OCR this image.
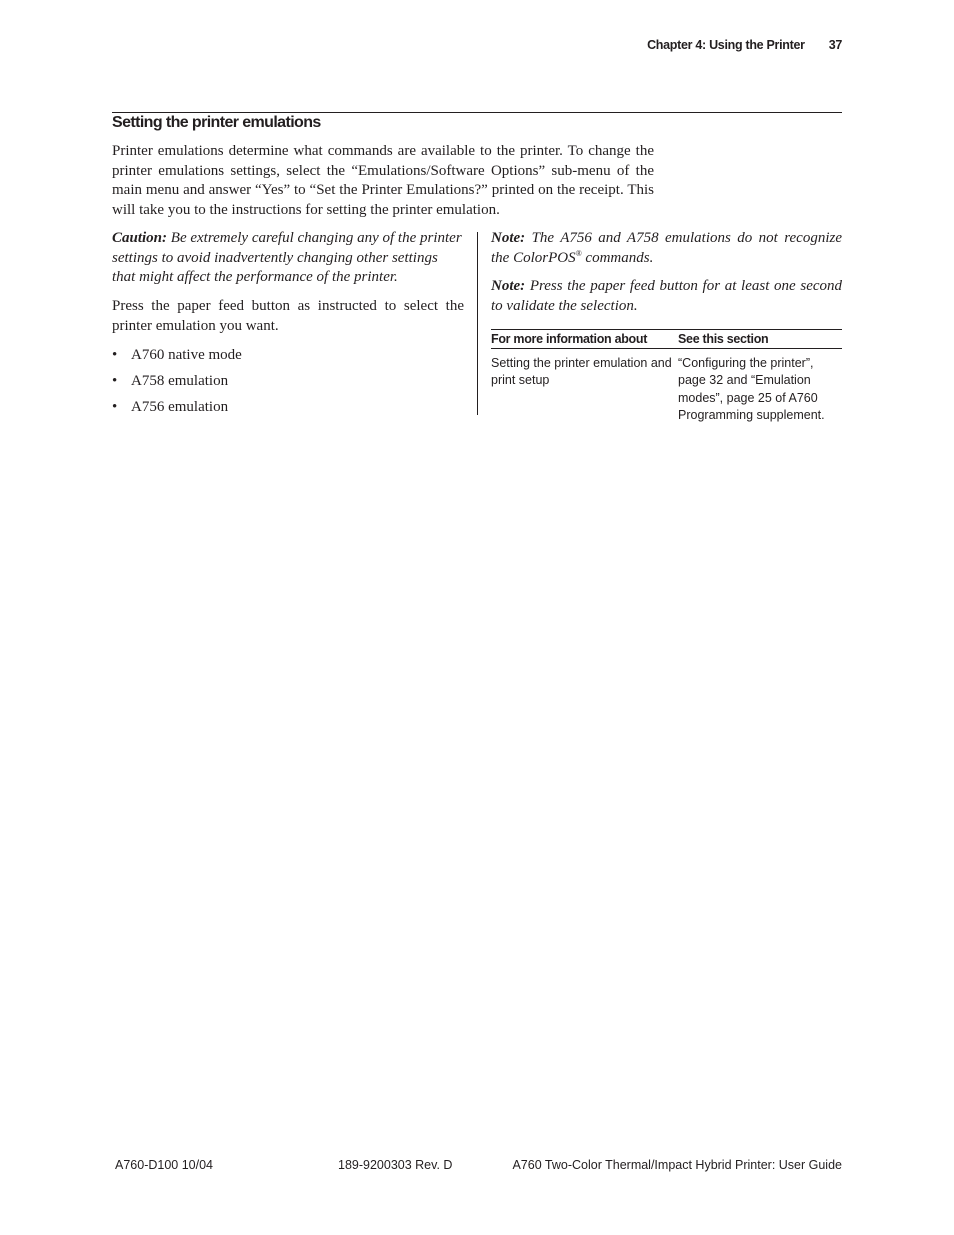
Chapter 4: Using the Printer 37
Setting the printer emulations

Printer emulations determine what commands are available to the printer. To change the printer emulations settings, select the “Emulations/Software Options” sub-menu of the main menu and answer “Yes” to “Set the Printer Emulations?” printed on the receipt. This will take you to the instructions for setting the printer emulation.

Caution: Be extremely careful changing any of the printer settings to avoid inadvertently changing other settings that might affect the performance of the printer.

Press the paper feed button as instructed to select the printer emulation you want.

• A760 native mode
• A758 emulation
• A756 emulation

Note: The A756 and A758 emulations do not recognize the ColorPOS® commands.

Note: Press the paper feed button for at least one second to validate the selection.

For more information about	See this section
Setting the printer emulation and print setup	“Configuring the printer”, page 32 and “Emulation modes”, page 25 of A760 Programming supplement.
A760-D100 10/04	189-9200303 Rev. D	A760 Two-Color Thermal/Impact Hybrid Printer: User Guide
